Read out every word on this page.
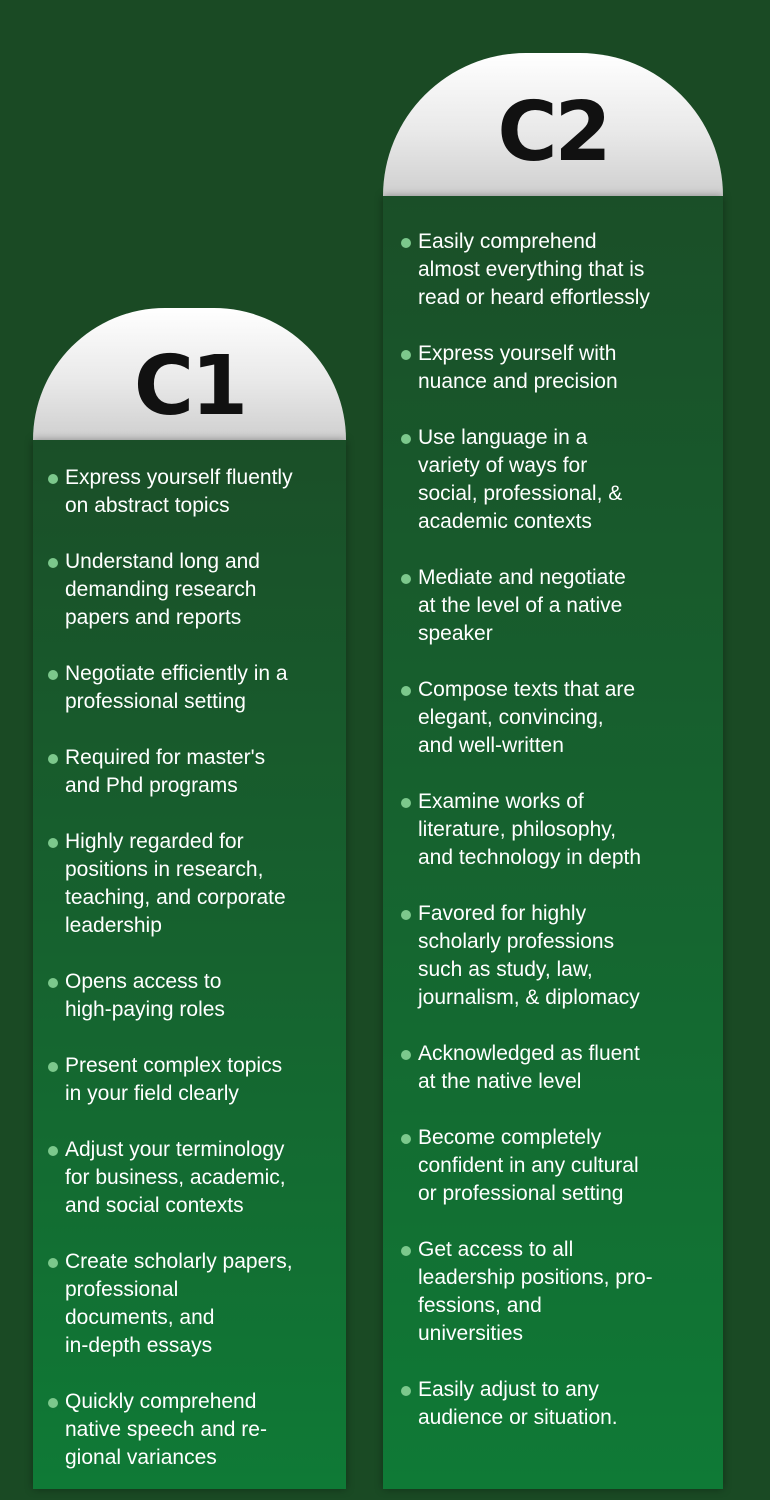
C1
Express yourself fluently
on abstract topics
Understand long and
demanding research
papers and reports
Negotiate efficiently in a
professional setting
Required for master's
and Phd programs
Highly regarded for
positions in research,
teaching, and corporate
leadership
Opens access to
high-paying roles
Present complex topics
in your field clearly
Adjust your terminology
for business, academic,
and social contexts
Create scholarly papers,
professional
documents, and
in-depth essays
Quickly comprehend
native speech and re-
gional variances
C2
Easily comprehend
almost everything that is
read or heard effortlessly
Express yourself with
nuance and precision
Use language in a
variety of ways for
social, professional, &
academic contexts
Mediate and negotiate
at the level of a native
speaker
Compose texts that are
elegant, convincing,
and well-written
Examine works of
literature, philosophy,
and technology in depth
Favored for highly
scholarly professions
such as study, law,
journalism, & diplomacy
Acknowledged as fluent
at the native level
Become completely
confident in any cultural
or professional setting
Get access to all
leadership positions, pro-
fessions, and
universities
Easily adjust to any
audience or situation.
